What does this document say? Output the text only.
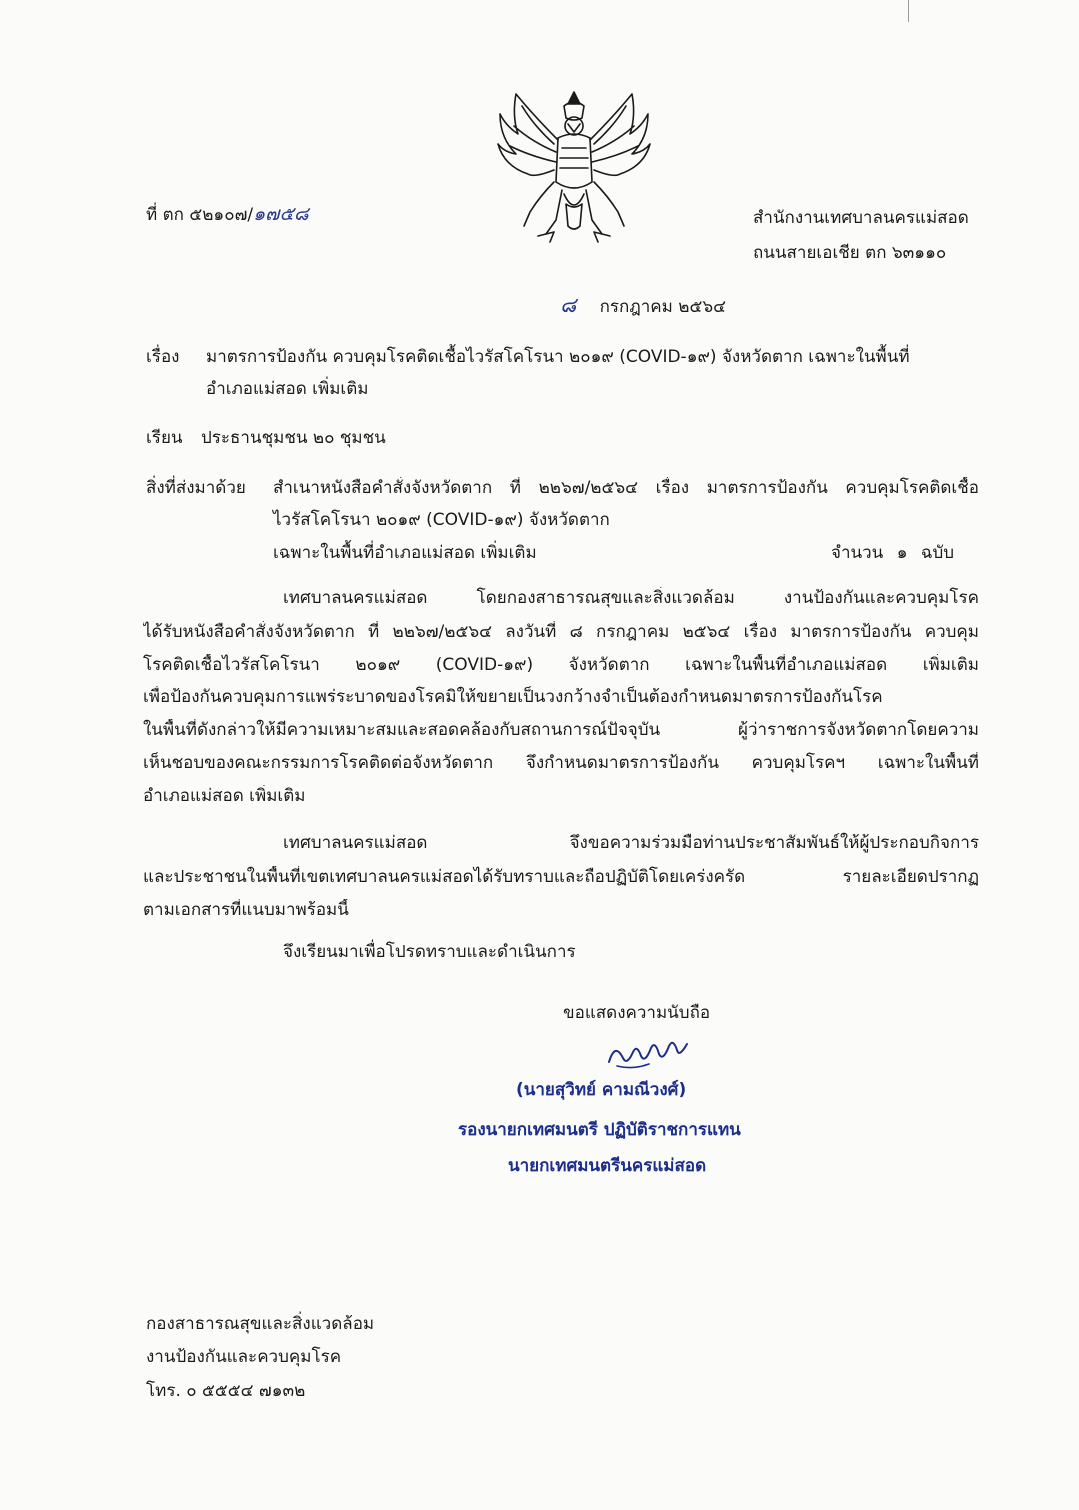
ที่ ตก ๕๒๑๐๗/๑๗๕๘	สำนักงานเทศบาลนครแม่สอด
ถนนสายเอเชีย ตก ๖๓๑๑๐
๘ กรกฎาคม ๒๕๖๔
เรื่อง มาตรการป้องกัน ควบคุมโรคติดเชื้อไวรัสโคโรนา ๒๐๑๙ (COVID-๑๙) จังหวัดตาก เฉพาะในพื้นที่
อำเภอแม่สอด เพิ่มเติม
เรียน ประธานชุมชน ๒๐ ชุมชน
สิ่งที่ส่งมาด้วย สำเนาหนังสือคำสั่งจังหวัดตาก ที่ ๒๒๖๗/๒๕๖๔ เรื่อง มาตรการป้องกัน ควบคุมโรคติดเชื้อ
ไวรัสโคโรนา ๒๐๑๙ (COVID-๑๙) จังหวัดตาก
เฉพาะในพื้นที่อำเภอแม่สอด เพิ่มเติม	จำนวน ๑ ฉบับ
เทศบาลนครแม่สอด โดยกองสาธารณสุขและสิ่งแวดล้อม งานป้องกันและควบคุมโรค
ได้รับหนังสือคำสั่งจังหวัดตาก ที่ ๒๒๖๗/๒๕๖๔ ลงวันที่ ๘ กรกฎาคม ๒๕๖๔ เรื่อง มาตรการป้องกัน ควบคุม
โรคติดเชื้อไวรัสโคโรนา ๒๐๑๙ (COVID-๑๙) จังหวัดตาก เฉพาะในพื้นที่อำเภอแม่สอด เพิ่มเติม
เพื่อป้องกันควบคุมการแพร่ระบาดของโรคมิให้ขยายเป็นวงกว้างจำเป็นต้องกำหนดมาตรการป้องกันโรค
ในพื้นที่ดังกล่าวให้มีความเหมาะสมและสอดคล้องกับสถานการณ์ปัจจุบัน ผู้ว่าราชการจังหวัดตากโดยความ
เห็นชอบของคณะกรรมการโรคติดต่อจังหวัดตาก จึงกำหนดมาตรการป้องกัน ควบคุมโรคฯ เฉพาะในพื้นที่
อำเภอแม่สอด เพิ่มเติม
เทศบาลนครแม่สอด จึงขอความร่วมมือท่านประชาสัมพันธ์ให้ผู้ประกอบกิจการ
และประชาชนในพื้นที่เขตเทศบาลนครแม่สอดได้รับทราบและถือปฏิบัติโดยเคร่งครัด รายละเอียดปรากฏ
ตามเอกสารที่แนบมาพร้อมนี้
จึงเรียนมาเพื่อโปรดทราบและดำเนินการ
ขอแสดงความนับถือ
(นายสุวิทย์ คามณีวงศ์)
รองนายกเทศมนตรี ปฏิบัติราชการแทน
นายกเทศมนตรีนครแม่สอด
กองสาธารณสุขและสิ่งแวดล้อม
งานป้องกันและควบคุมโรค
โทร. ๐ ๕๕๕๔ ๗๑๓๒
